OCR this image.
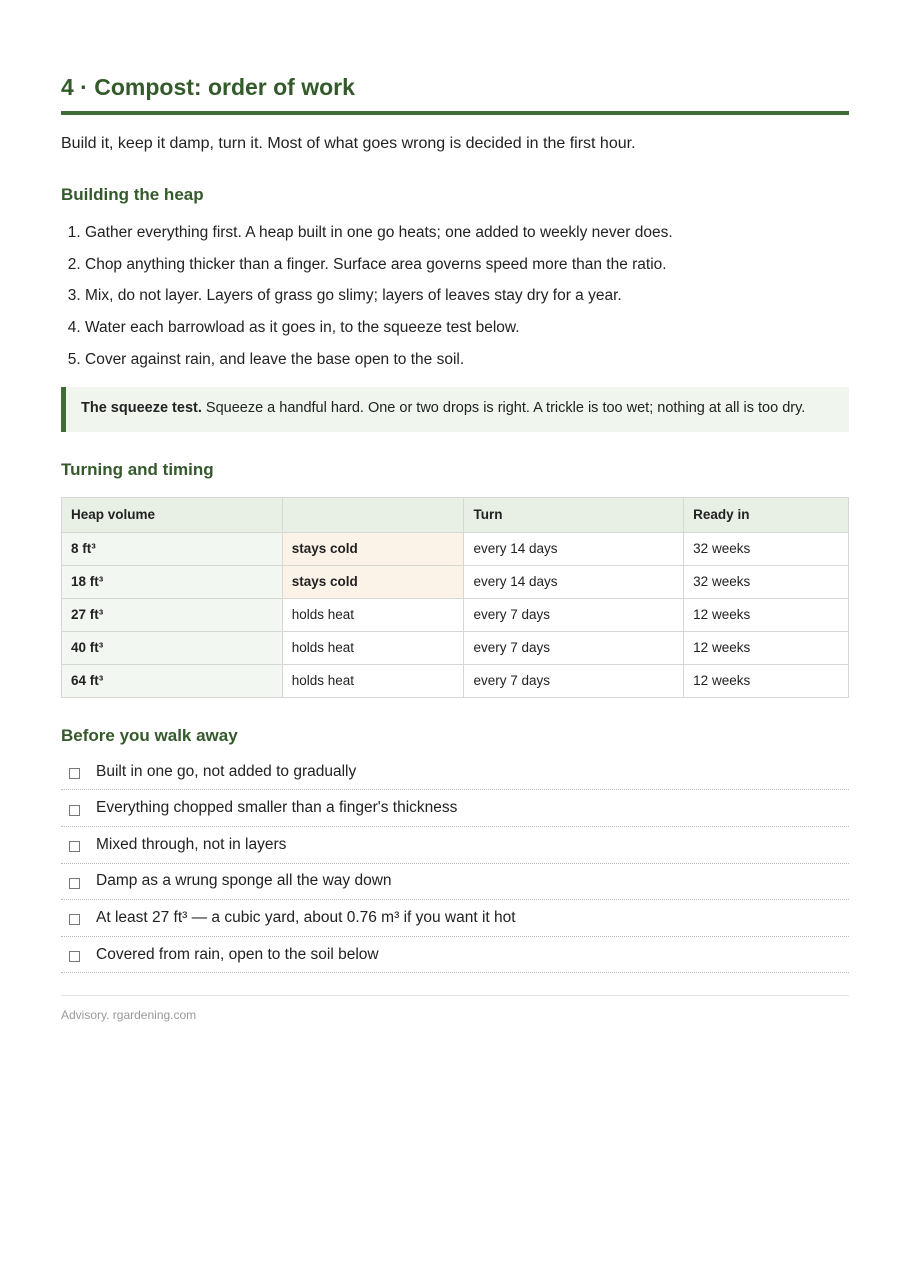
4 · Compost: order of work

Build it, keep it damp, turn it. Most of what goes wrong is decided in the first hour.

Building the heap
1. Gather everything first. A heap built in one go heats; one added to weekly never does.
2. Chop anything thicker than a finger. Surface area governs speed more than the ratio.
3. Mix, do not layer. Layers of grass go slimy; layers of leaves stay dry for a year.
4. Water each barrowload as it goes in, to the squeeze test below.
5. Cover against rain, and leave the base open to the soil.
The squeeze test. Squeeze a handful hard. One or two drops is right. A trickle is too wet; nothing at all is too dry.
Turning and timing
Heap volume		Turn	Ready in
8 ft³	stays cold	every 14 days	32 weeks
18 ft³	stays cold	every 14 days	32 weeks
27 ft³	holds heat	every 7 days	12 weeks
40 ft³	holds heat	every 7 days	12 weeks
64 ft³	holds heat	every 7 days	12 weeks
Before you walk away
Built in one go, not added to gradually
Everything chopped smaller than a finger's thickness
Mixed through, not in layers
Damp as a wrung sponge all the way down
At least 27 ft³ — a cubic yard, about 0.76 m³ if you want it hot
Covered from rain, open to the soil below
Advisory. rgardening.com
